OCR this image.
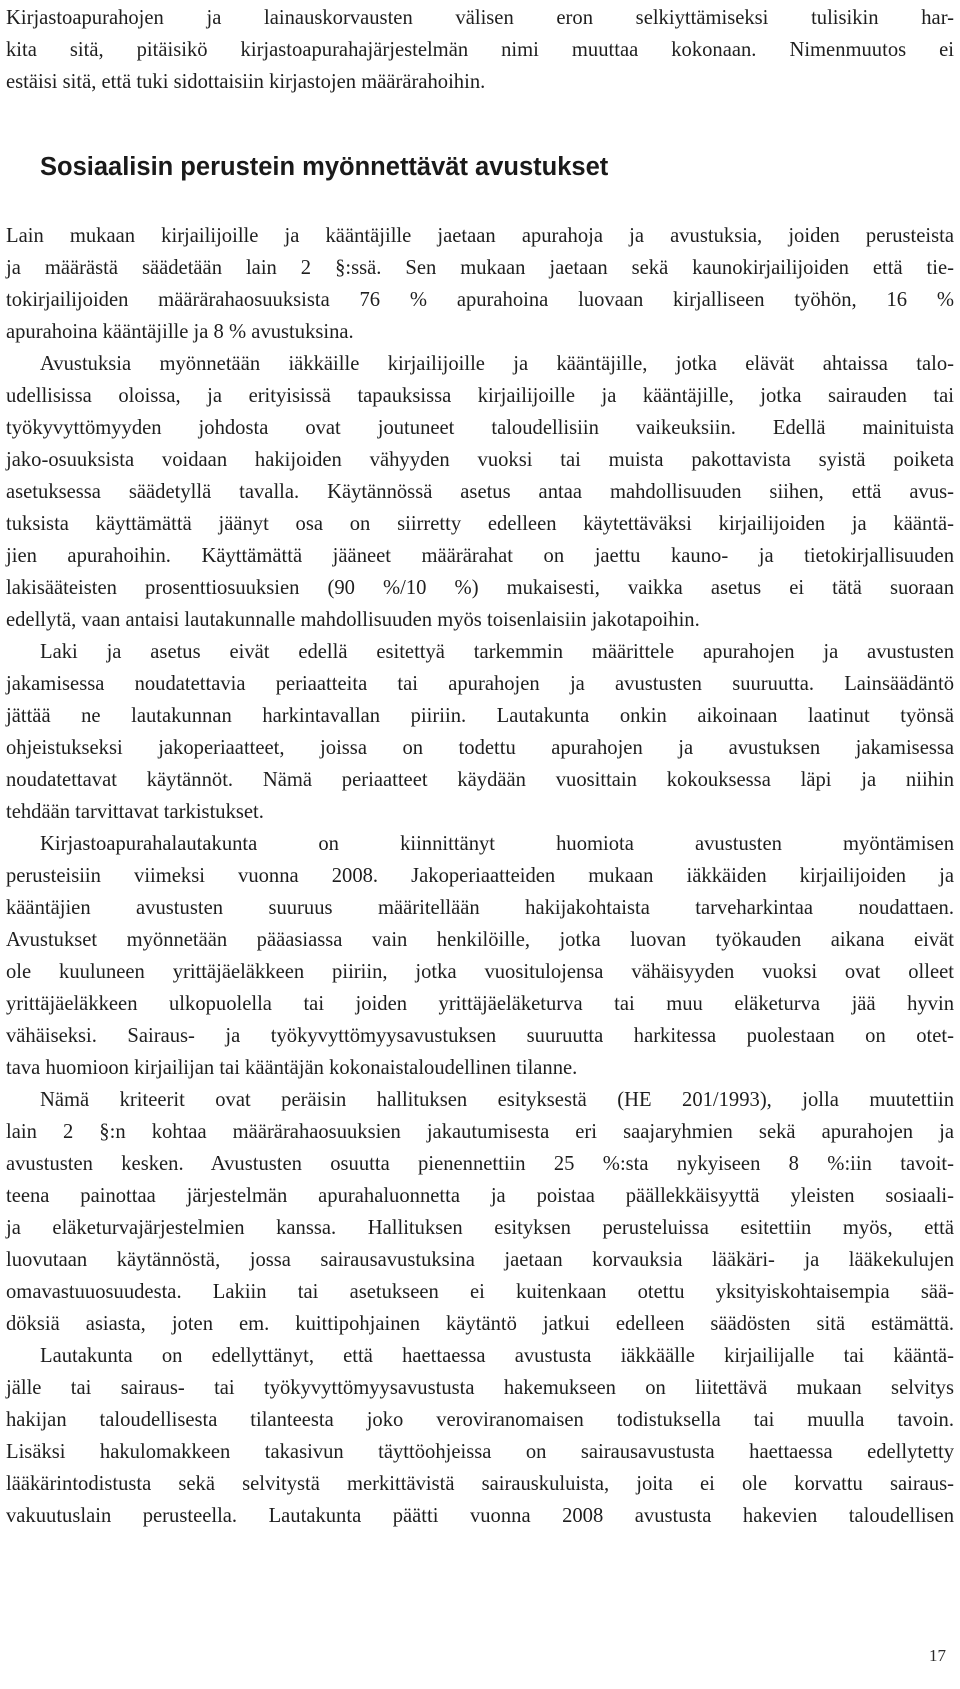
Kirjastoapurahojen ja lainauskorvausten välisen eron selkiyttämiseksi tulisikin har-
kita sitä, pitäisikö kirjastoapurahajärjestelmän nimi muuttaa kokonaan. Nimenmuutos ei
estäisi sitä, että tuki sidottaisiin kirjastojen määrärahoihin.
Sosiaalisin perustein myönnettävät avustukset
Lain mukaan kirjailijoille ja kääntäjille jaetaan apurahoja ja avustuksia, joiden perusteista
ja määrästä säädetään lain 2 §:ssä. Sen mukaan jaetaan sekä kaunokirjailijoiden että tie-
tokirjailijoiden määrärahaosuuksista 76 % apurahoina luovaan kirjalliseen työhön, 16 %
apurahoina kääntäjille ja 8 % avustuksina.
Avustuksia myönnetään iäkkäille kirjailijoille ja kääntäjille, jotka elävät ahtaissa talo-
udellisissa oloissa, ja erityisissä tapauksissa kirjailijoille ja kääntäjille, jotka sairauden tai
työkyvyttömyyden johdosta ovat joutuneet taloudellisiin vaikeuksiin. Edellä mainituista
jako-osuuksista voidaan hakijoiden vähyyden vuoksi tai muista pakottavista syistä poiketa
asetuksessa säädetyllä tavalla. Käytännössä asetus antaa mahdollisuuden siihen, että avus-
tuksista käyttämättä jäänyt osa on siirretty edelleen käytettäväksi kirjailijoiden ja kääntä-
jien apurahoihin. Käyttämättä jääneet määrärahat on jaettu kauno- ja tietokirjallisuuden
lakisääteisten prosenttiosuuksien (90 %/10 %) mukaisesti, vaikka asetus ei tätä suoraan
edellytä, vaan antaisi lautakunnalle mahdollisuuden myös toisenlaisiin jakotapoihin.
Laki ja asetus eivät edellä esitettyä tarkemmin määrittele apurahojen ja avustusten
jakamisessa noudatettavia periaatteita tai apurahojen ja avustusten suuruutta. Lainsäädäntö
jättää ne lautakunnan harkintavallan piiriin. Lautakunta onkin aikoinaan laatinut työnsä
ohjeistukseksi jakoperiaatteet, joissa on todettu apurahojen ja avustuksen jakamisessa
noudatettavat käytännöt. Nämä periaatteet käydään vuosittain kokouksessa läpi ja niihin
tehdään tarvittavat tarkistukset.
Kirjastoapurahalautakunta on kiinnittänyt huomiota avustusten myöntämisen
perusteisiin viimeksi vuonna 2008. Jakoperiaatteiden mukaan iäkkäiden kirjailijoiden ja
kääntäjien avustusten suuruus määritellään hakijakohtaista tarveharkintaa noudattaen.
Avustukset myönnetään pääasiassa vain henkilöille, jotka luovan työkauden aikana eivät
ole kuuluneen yrittäjäeläkkeen piiriin, jotka vuositulojensa vähäisyyden vuoksi ovat olleet
yrittäjäeläkkeen ulkopuolella tai joiden yrittäjäeläketurva tai muu eläketurva jää hyvin
vähäiseksi. Sairaus- ja työkyvyttömyysavustuksen suuruutta harkitessa puolestaan on otet-
tava huomioon kirjailijan tai kääntäjän kokonaistaloudellinen tilanne.
Nämä kriteerit ovat peräisin hallituksen esityksestä (HE 201/1993), jolla muutettiin
lain 2 §:n kohtaa määrärahaosuuksien jakautumisesta eri saajaryhmien sekä apurahojen ja
avustusten kesken. Avustusten osuutta pienennettiin 25 %:sta nykyiseen 8 %:iin tavoit-
teena painottaa järjestelmän apurahaluonnetta ja poistaa päällekkäisyyttä yleisten sosiaali-
ja eläketurvajärjestelmien kanssa. Hallituksen esityksen perusteluissa esitettiin myös, että
luovutaan käytännöstä, jossa sairausavustuksina jaetaan korvauksia lääkäri- ja lääkekulujen
omavastuuosuudesta. Lakiin tai asetukseen ei kuitenkaan otettu yksityiskohtaisempia sää-
döksiä asiasta, joten em. kuittipohjainen käytäntö jatkui edelleen säädösten sitä estämättä.
Lautakunta on edellyttänyt, että haettaessa avustusta iäkkäälle kirjailijalle tai kääntä-
jälle tai sairaus- tai työkyvyttömyysavustusta hakemukseen on liitettävä mukaan selvitys
hakijan taloudellisesta tilanteesta joko veroviranomaisen todistuksella tai muulla tavoin.
Lisäksi hakulomakkeen takasivun täyttöohjeissa on sairausavustusta haettaessa edellytetty
lääkärintodistusta sekä selvitystä merkittävistä sairauskuluista, joita ei ole korvattu sairaus-
vakuutuslain perusteella. Lautakunta päätti vuonna 2008 avustusta hakevien taloudellisen
17
